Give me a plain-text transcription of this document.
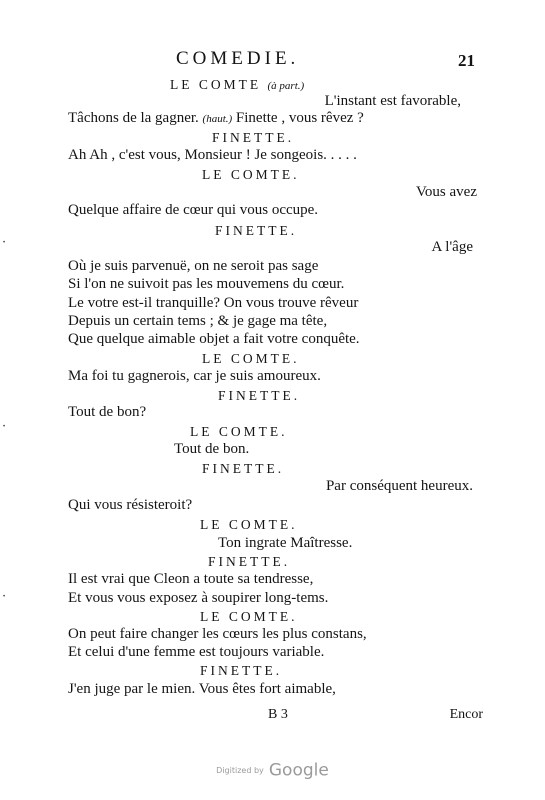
COMEDIE.	21
LE COMTE (à part.)
L'instant est favorable,
Tâchons de la gagner. (haut.) Finette , vous rêvez ?
FINETTE.
Ah Ah , c'est vous, Monsieur ! Je songeois. . . . .
LE COMTE.
Vous avez
Quelque affaire de cœur qui vous occupe.
FINETTE.
A l'âge
Où je suis parvenuë, on ne seroit pas sage
Si l'on ne suivoit pas les mouvemens du cœur.
Le votre est-il tranquille? On vous trouve rêveur
Depuis un certain tems ; & je gage ma tête,
Que quelque aimable objet a fait votre conquête.
LE COMTE.
Ma foi tu gagnerois, car je suis amoureux.
FINETTE.
Tout de bon?
LE COMTE.
Tout de bon.
FINETTE.
Par conséquent heureux.
Qui vous résisteroit?
LE COMTE.
Ton ingrate Maîtresse.
FINETTE.
Il est vrai que Cleon a toute sa tendresse,
Et vous vous exposez à soupirer long-tems.
LE COMTE.
On peut faire changer les cœurs les plus constans,
Et celui d'une femme est toujours variable.
FINETTE.
J'en juge par le mien. Vous êtes fort aimable,
B 3	Encor
·
·
·
Digitized by Google
